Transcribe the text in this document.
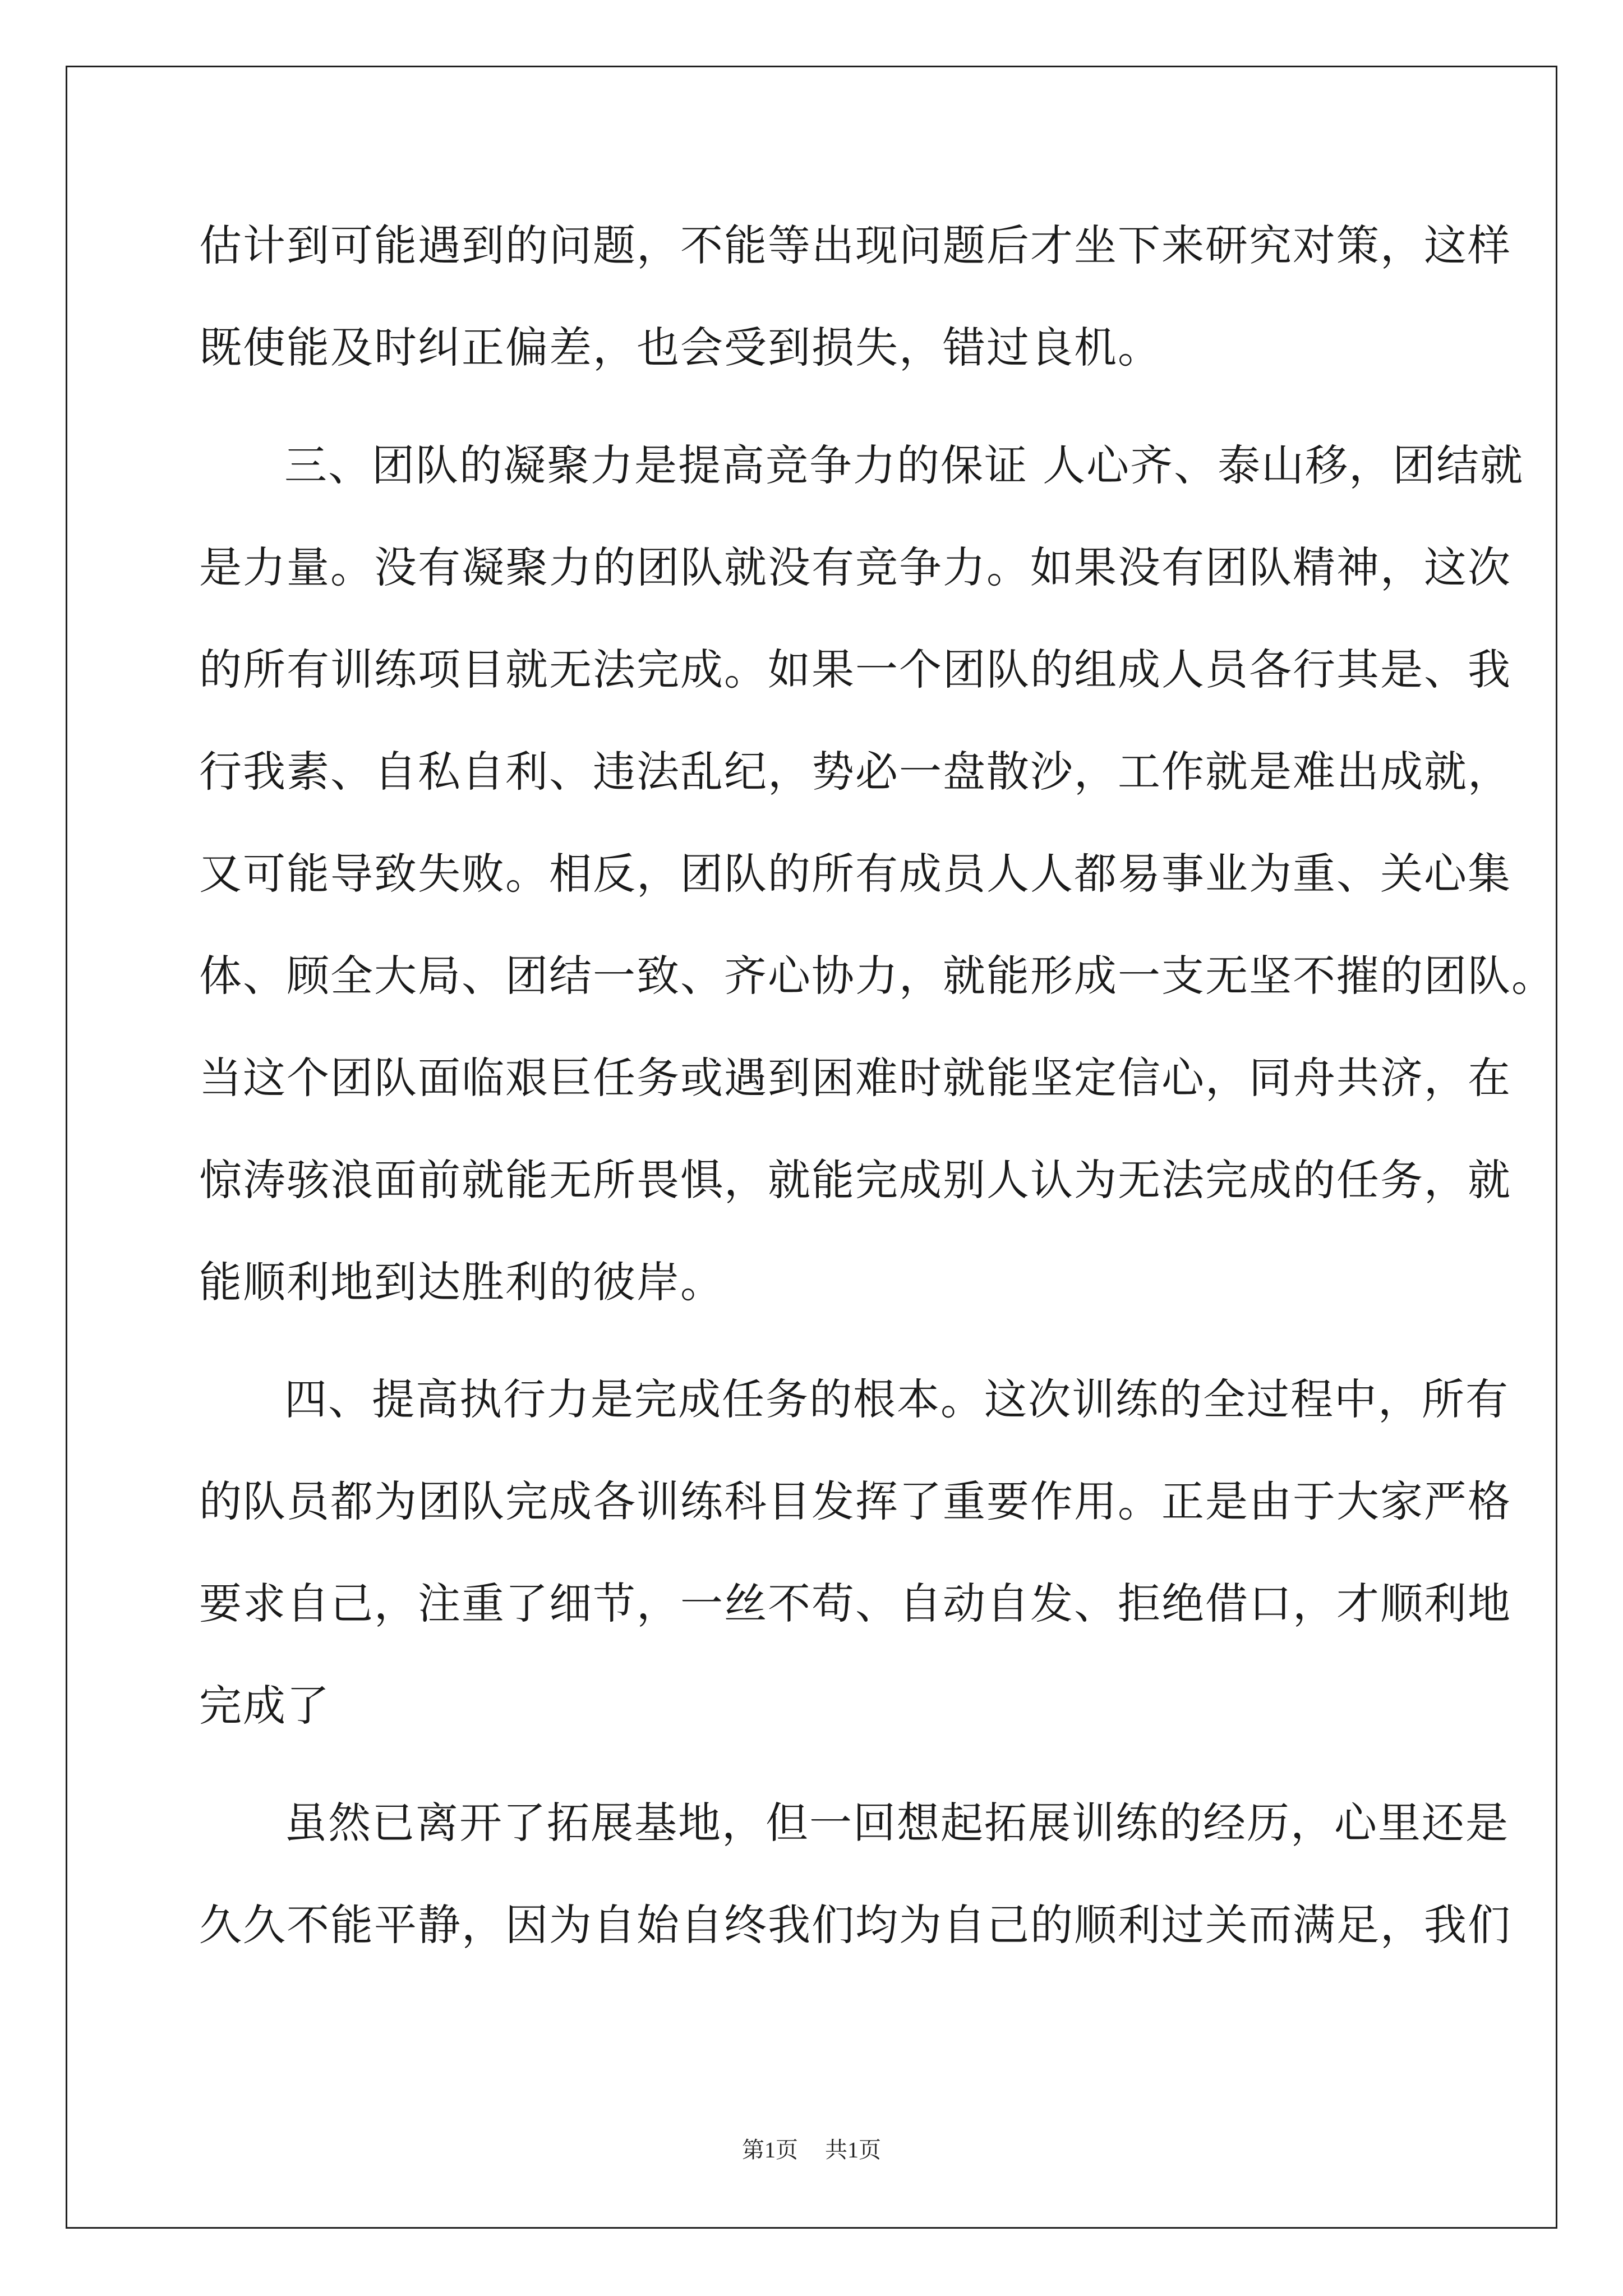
估计到可能遇到的问题，不能等出现问题后才坐下来研究对策，这样
既使能及时纠正偏差，也会受到损失，错过良机。
三、团队的凝聚力是提高竞争力的保证 人心齐、泰山移，团结就
是力量。没有凝聚力的团队就没有竞争力。如果没有团队精神，这次
的所有训练项目就无法完成。如果一个团队的组成人员各行其是、我
行我素、自私自利、违法乱纪，势必一盘散沙，工作就是难出成就，
又可能导致失败。相反，团队的所有成员人人都易事业为重、关心集
体、顾全大局、团结一致、齐心协力，就能形成一支无坚不摧的团队。
当这个团队面临艰巨任务或遇到困难时就能坚定信心，同舟共济，在
惊涛骇浪面前就能无所畏惧，就能完成别人认为无法完成的任务，就
能顺利地到达胜利的彼岸。
四、提高执行力是完成任务的根本。这次训练的全过程中，所有
的队员都为团队完成各训练科目发挥了重要作用。正是由于大家严格
要求自己，注重了细节，一丝不苟、自动自发、拒绝借口，才顺利地
完成了
虽然已离开了拓展基地，但一回想起拓展训练的经历，心里还是
久久不能平静，因为自始自终我们均为自己的顺利过关而满足，我们
第1页 共1页
